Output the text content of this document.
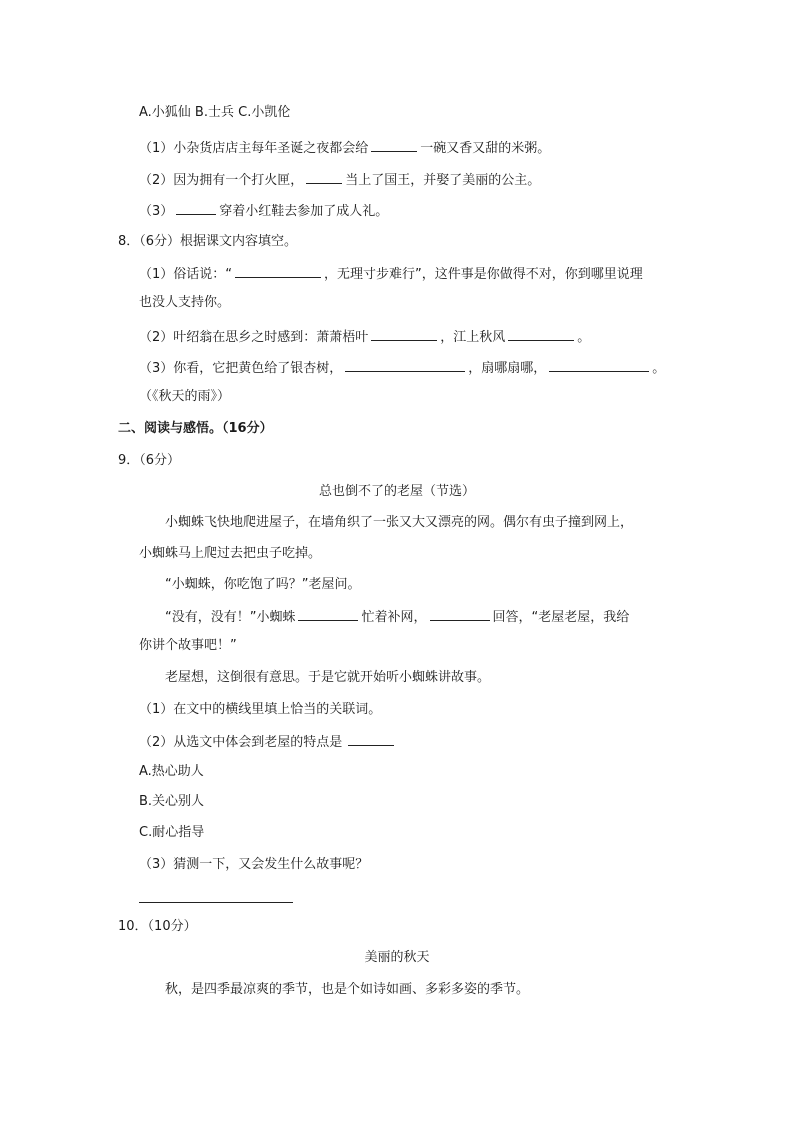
A.小狐仙 B.士兵 C.小凯伦
（1）小杂货店店主每年圣诞之夜都会给	一碗又香又甜的米粥。
（2）因为拥有一个打火匣，	当上了国王，并娶了美丽的公主。
（3）	穿着小红鞋去参加了成人礼。
8．（6分）根据课文内容填空。
（1）俗话说：“	，无理寸步难行”，这件事是你做得不对，你到哪里说理
也没人支持你。
（2）叶绍翁在思乡之时感到：萧萧梧叶	，江上秋风	。
（3）你看，它把黄色给了银杏树，	，扇哪扇哪，	。
（《秋天的雨》）
二、阅读与感悟。（16分）
9．（6分）
总也倒不了的老屋（节选）
小蜘蛛飞快地爬进屋子，在墙角织了一张又大又漂亮的网。偶尔有虫子撞到网上，
小蜘蛛马上爬过去把虫子吃掉。
“小蜘蛛，你吃饱了吗？”老屋问。
“没有，没有！”小蜘蛛	忙着补网，	回答，“老屋老屋，我给
你讲个故事吧！”
老屋想，这倒很有意思。于是它就开始听小蜘蛛讲故事。
（1）在文中的横线里填上恰当的关联词。
（2）从选文中体会到老屋的特点是
A.热心助人
B.关心别人
C.耐心指导
（3）猜测一下，又会发生什么故事呢？
10．（10分）
美丽的秋天
秋，是四季最凉爽的季节，也是个如诗如画、多彩多姿的季节。
